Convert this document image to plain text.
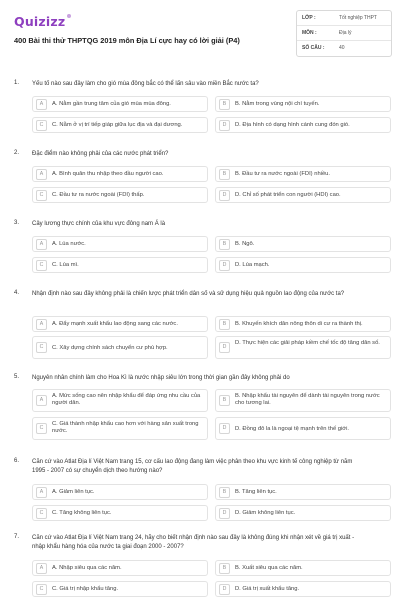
Quizizz
400 Bài thi thử THPTQG 2019 môn Địa Lí cực hay có lời giải (P4)
LỚP :	Tốt nghiệp THPT
MÔN :	Địa lý
SỐ CÂU :	40
1. Yếu tố nào sau đây làm cho gió mùa đông bắc có thể lấn sâu vào miền Bắc nước ta?
A	A. Nằm gần trung tâm của gió mùa mùa đông.	B	B. Nằm trong vùng nội chí tuyến.
C	C. Nằm ở vị trí tiếp giáp giữa lục địa và đại dương.	D	D. Địa hình có dạng hình cánh cung đón gió.
2. Đặc điểm nào không phải của các nước phát triển?
A	A. Bình quân thu nhập theo đầu người cao.	B	B. Đầu tư ra nước ngoài (FDI) nhiều.
C	C. Đầu tư ra nước ngoài (FDI) thấp.	D	D. Chỉ số phát triển con người (HDI) cao.
3. Cây lương thực chính của khu vực đông nam Á là
A	A. Lúa nước.	B	B. Ngô.
C	C. Lúa mì.	D	D. Lúa mạch.
4. Nhận định nào sau đây không phải là chiến lược phát triển dân số và sử dụng hiệu quả nguồn lao động của nước ta?
A	A. Đẩy mạnh xuất khẩu lao động sang các nước.	B	B. Khuyến khích dân nông thôn di cư ra thành thị.
C	C. Xây dựng chính sách chuyển cư phù hợp.	D
D. Thực hiện các giải pháp kiềm chế tốc độ tăng dân số.
5. Nguyên nhân chính làm cho Hoa Kì là nước nhập siêu lớn trong thời gian gần đây không phải do
A
A. Mức sống cao nên nhập khẩu để đáp ứng nhu cầu của người dân.	B
B. Nhập khẩu tài nguyên để dành tài nguyên trong nước cho tương lai.
C
C. Giá thành nhập khẩu cao hơn với hàng sản xuất trong nước.	D	D. Đồng đô la là ngoại tệ mạnh trên thế giới.
6. Căn cứ vào Atlat Địa lí Việt Nam trang 15, cơ cấu lao động đang làm việc phân theo khu vực kinh tế công nghiệp từ năm 1995 - 2007 có sự chuyển dịch theo hướng nào?
A	A. Giảm liên tục.	B	B. Tăng liên tục.
C	C. Tăng không liên tục.	D	D. Giảm không liên tục.
7. Căn cứ vào Atlat Địa lí Việt Nam trang 24, hãy cho biết nhận định nào sau đây là không đúng khi nhận xét về giá trị xuất - nhập khẩu hàng hóa của nước ta giai đoạn 2000 - 2007?
A	A. Nhập siêu qua các năm.	B	B. Xuất siêu qua các năm.
C	C. Giá trị nhập khẩu tăng.	D	D. Giá trị xuất khẩu tăng.
